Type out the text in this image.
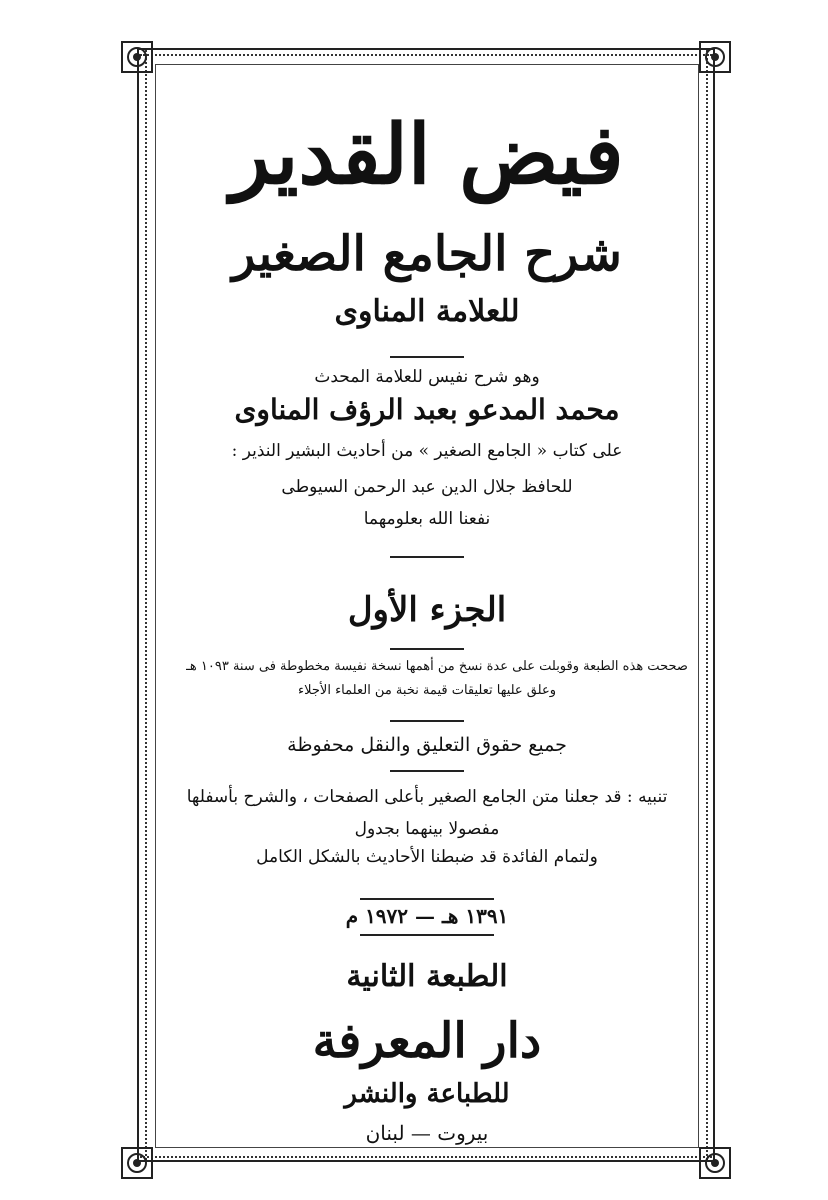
فيض القدير
شرح الجامع الصغير
للعلامة المناوى
وهو شرح نفيس للعلامة المحدث
محمد المدعو بعبد الرؤف المناوى
على كتاب « الجامع الصغير » من أحاديث البشير النذير :
للحافظ جلال الدين عبد الرحمن السيوطى
نفعنا الله بعلومهما
الجزء الأول
صححت هذه الطبعة وقوبلت على عدة نسخ من أهمها نسخة نفيسة مخطوطة فى سنة ١٠٩٣ هـ
وعلق عليها تعليقات قيمة نخبة من العلماء الأجلاء
جميع حقوق التعليق والنقل محفوظة
تنبيه : قد جعلنا متن الجامع الصغير بأعلى الصفحات ، والشرح بأسفلها
مفصولا بينهما بجدول
ولتمام الفائدة قد ضبطنا الأحاديث بالشكل الكامل
١٣٩١ هـ — ١٩٧٢ م
الطبعة الثانية
دار المعرفة
للطباعة والنشر
بيروت — لبنان
